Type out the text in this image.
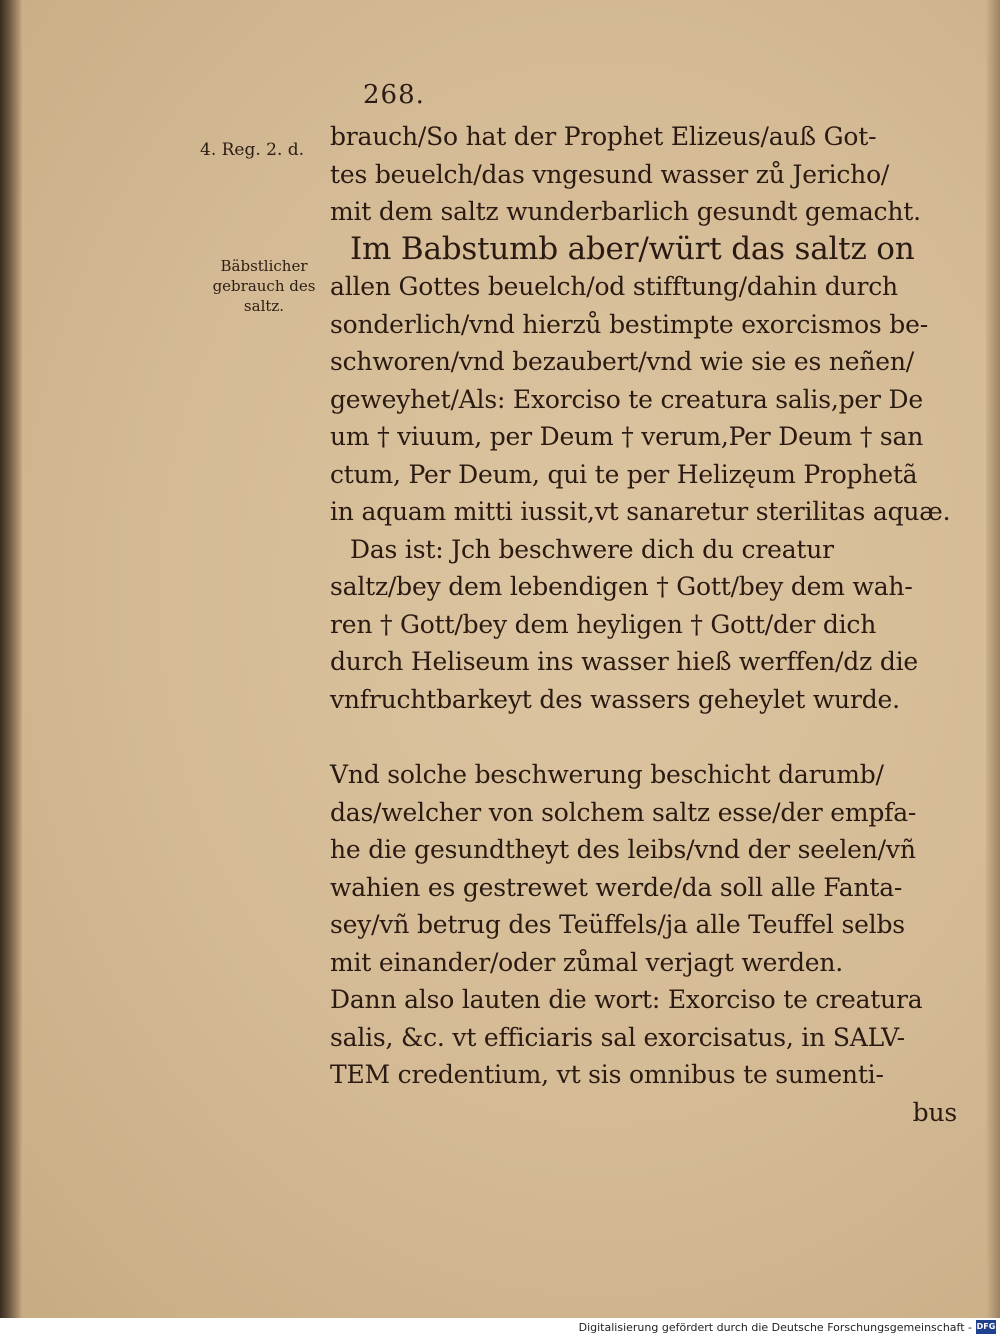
268.
4. Reg. 2. d.
Bäbstlicher gebrauch des saltz.
brauch/So hat der Prophet Elizeus/auß Got-
tes beuelch/das vngesund wasser zů Jericho/
mit dem saltz wunderbarlich gesundt gemacht.
Im Babstumb aber/würt das saltz on
allen Gottes beuelch/od stifftung/dahin durch
sonderlich/vnd hierzů bestimpte exorcismos be-
schworen/vnd bezaubert/vnd wie sie es neñen/
geweyhet/Als: Exorciso te creatura salis,per De
um † viuum, per Deum † verum,Per Deum † san
ctum, Per Deum, qui te per Helizęum Prophetã
in aquam mitti iussit,vt sanaretur sterilitas aquæ.
Das ist: Jch beschwere dich du creatur
saltz/bey dem lebendigen † Gott/bey dem wah-
ren † Gott/bey dem heyligen † Gott/der dich
durch Heliseum ins wasser hieß werffen/dz die
vnfruchtbarkeyt des wassers geheylet wurde.
Vnd solche beschwerung beschicht darumb/
das/welcher von solchem saltz esse/der empfa-
he die gesundtheyt des leibs/vnd der seelen/vñ
wahien es gestrewet werde/da soll alle Fanta-
sey/vñ betrug des Teüffels/ja alle Teuffel selbs
mit einander/oder zůmal verjagt werden.
Dann also lauten die wort: Exorciso te creatura
salis, &c. vt efficiaris sal exorcisatus, in SALV-
TEM credentium, vt sis omnibus te sumenti-
bus
Digitalisierung gefördert durch die Deutsche Forschungsgemeinschaft - DFG
